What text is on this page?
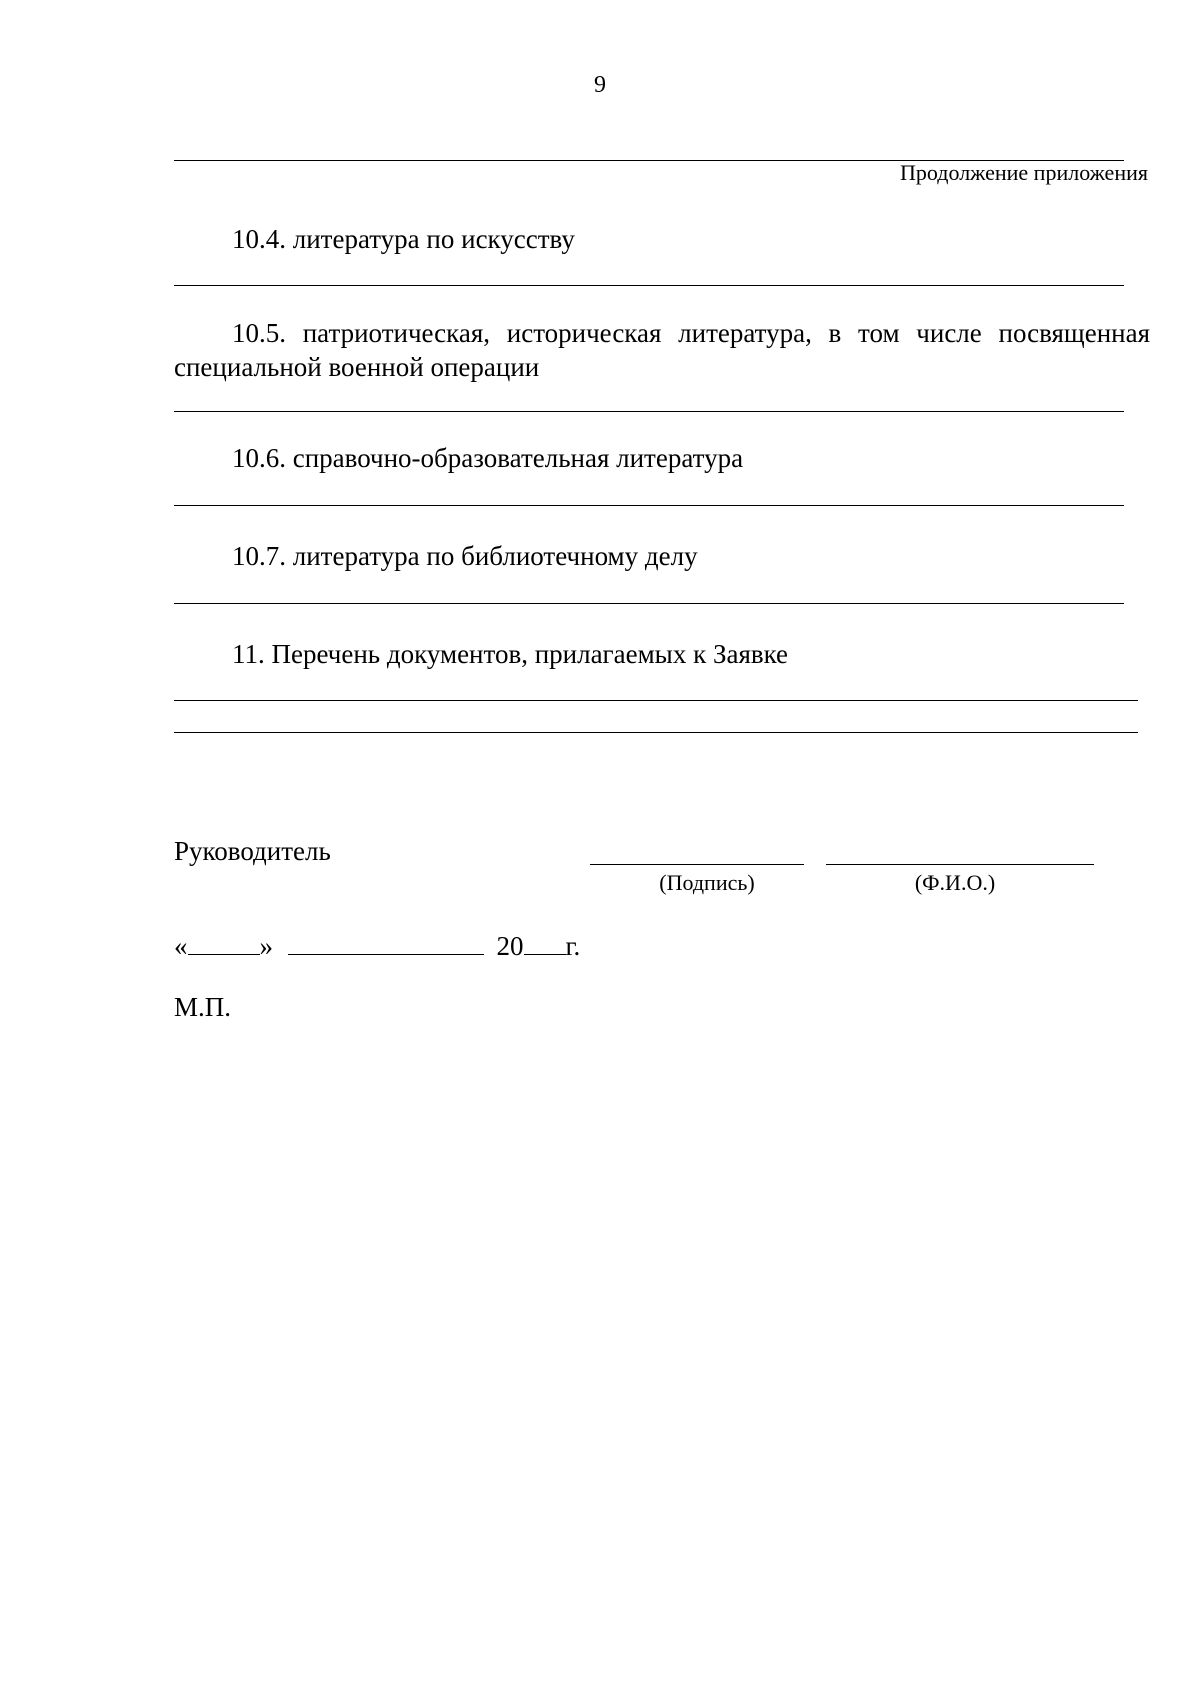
9
Продолжение приложения
10.4. литература по искусству
10.5. патриотическая, историческая литература, в том числе посвященная специальной военной операции
10.6. справочно-образовательная литература
10.7. литература по библиотечному делу
11. Перечень документов, прилагаемых к Заявке
Руководитель
(Подпись)	(Ф.И.О.)
«	»	20 г.
М.П.
